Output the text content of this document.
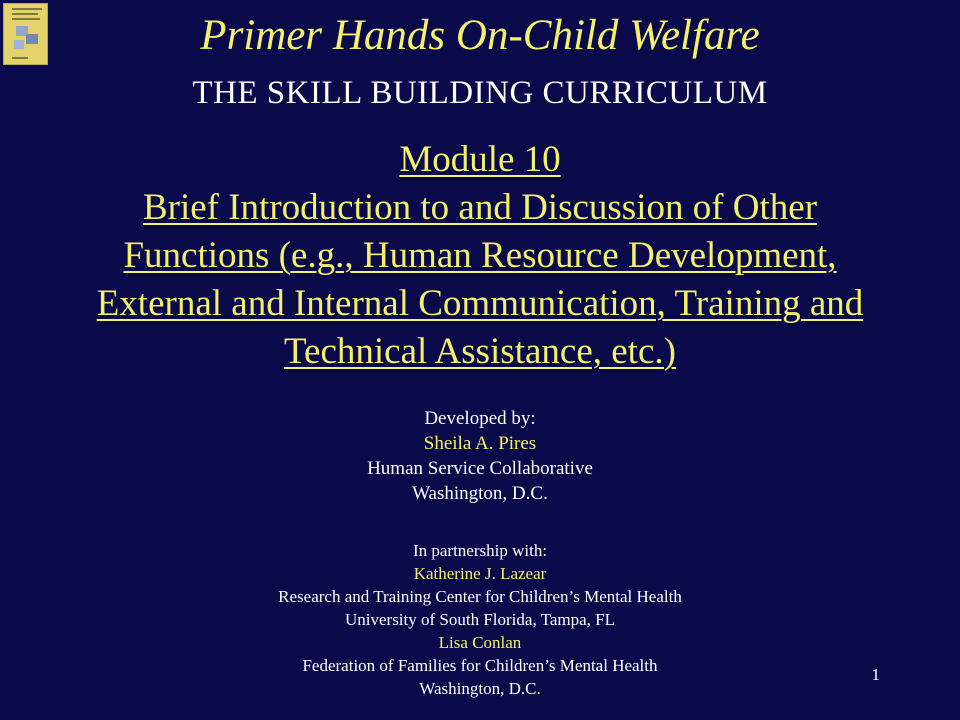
Primer Hands On-Child Welfare
THE SKILL BUILDING CURRICULUM
Module 10
Brief Introduction to and Discussion of Other
Functions (e.g., Human Resource Development,
External and Internal Communication, Training and
Technical Assistance, etc.)
Developed by:
Sheila A. Pires
Human Service Collaborative
Washington, D.C.
In partnership with:
Katherine J. Lazear
Research and Training Center for Children’s Mental Health
University of South Florida, Tampa, FL
Lisa Conlan
Federation of Families for Children’s Mental Health
Washington, D.C.
1
